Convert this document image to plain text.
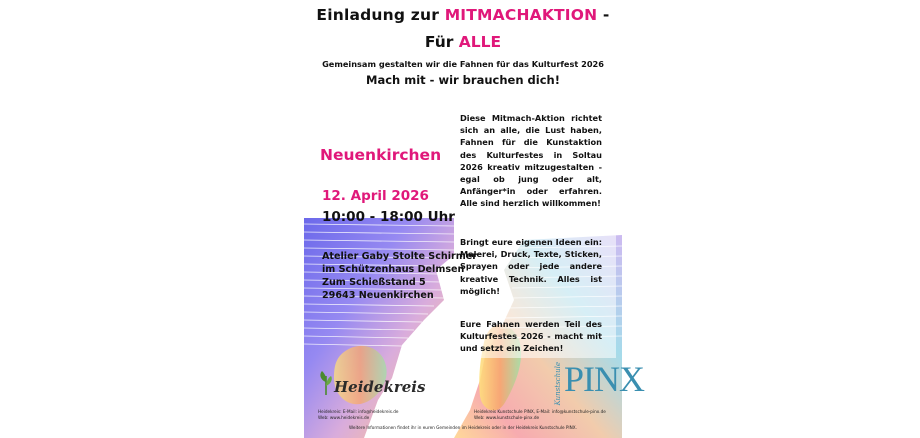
Einladung zur MITMACHAKTION -
Für ALLE
Gemeinsam gestalten wir die Fahnen für das Kulturfest 2026
Mach mit - wir brauchen dich!
Neuenkirchen
12. April 2026
10:00 - 18:00 Uhr
Atelier Gaby Stolte Schirmer
im Schützenhaus Delmsen
Zum Schießstand 5
29643 Neuenkirchen
Diese Mitmach-Aktion richtet sich an alle, die Lust haben, Fahnen für die Kunstaktion des Kulturfestes in Soltau 2026 kreativ mitzugestalten - egal ob jung oder alt, Anfänger*in oder erfahren. Alle sind herzlich willkommen!
Bringt eure eigenen Ideen ein: Malerei, Druck, Texte, Sticken, Sprayen oder jede andere kreative Technik. Alles ist möglich!
Eure Fahnen werden Teil des Kulturfestes 2026 - macht mit und setzt ein Zeichen!
Heidekreis	Kunstschule PINX
Heidekreis: E-Mail: info@heidekreis.de
Web: www.heidekreis.de
Heidekreis Kunstschule PINX, E-Mail: info@kunstschule-pinx.de
Web: www.kunstschule-pinx.de
Weitere Informationen findet ihr in euren Gemeinden im Heidekreis oder in der Heidekreis Kunstschule PINX.
